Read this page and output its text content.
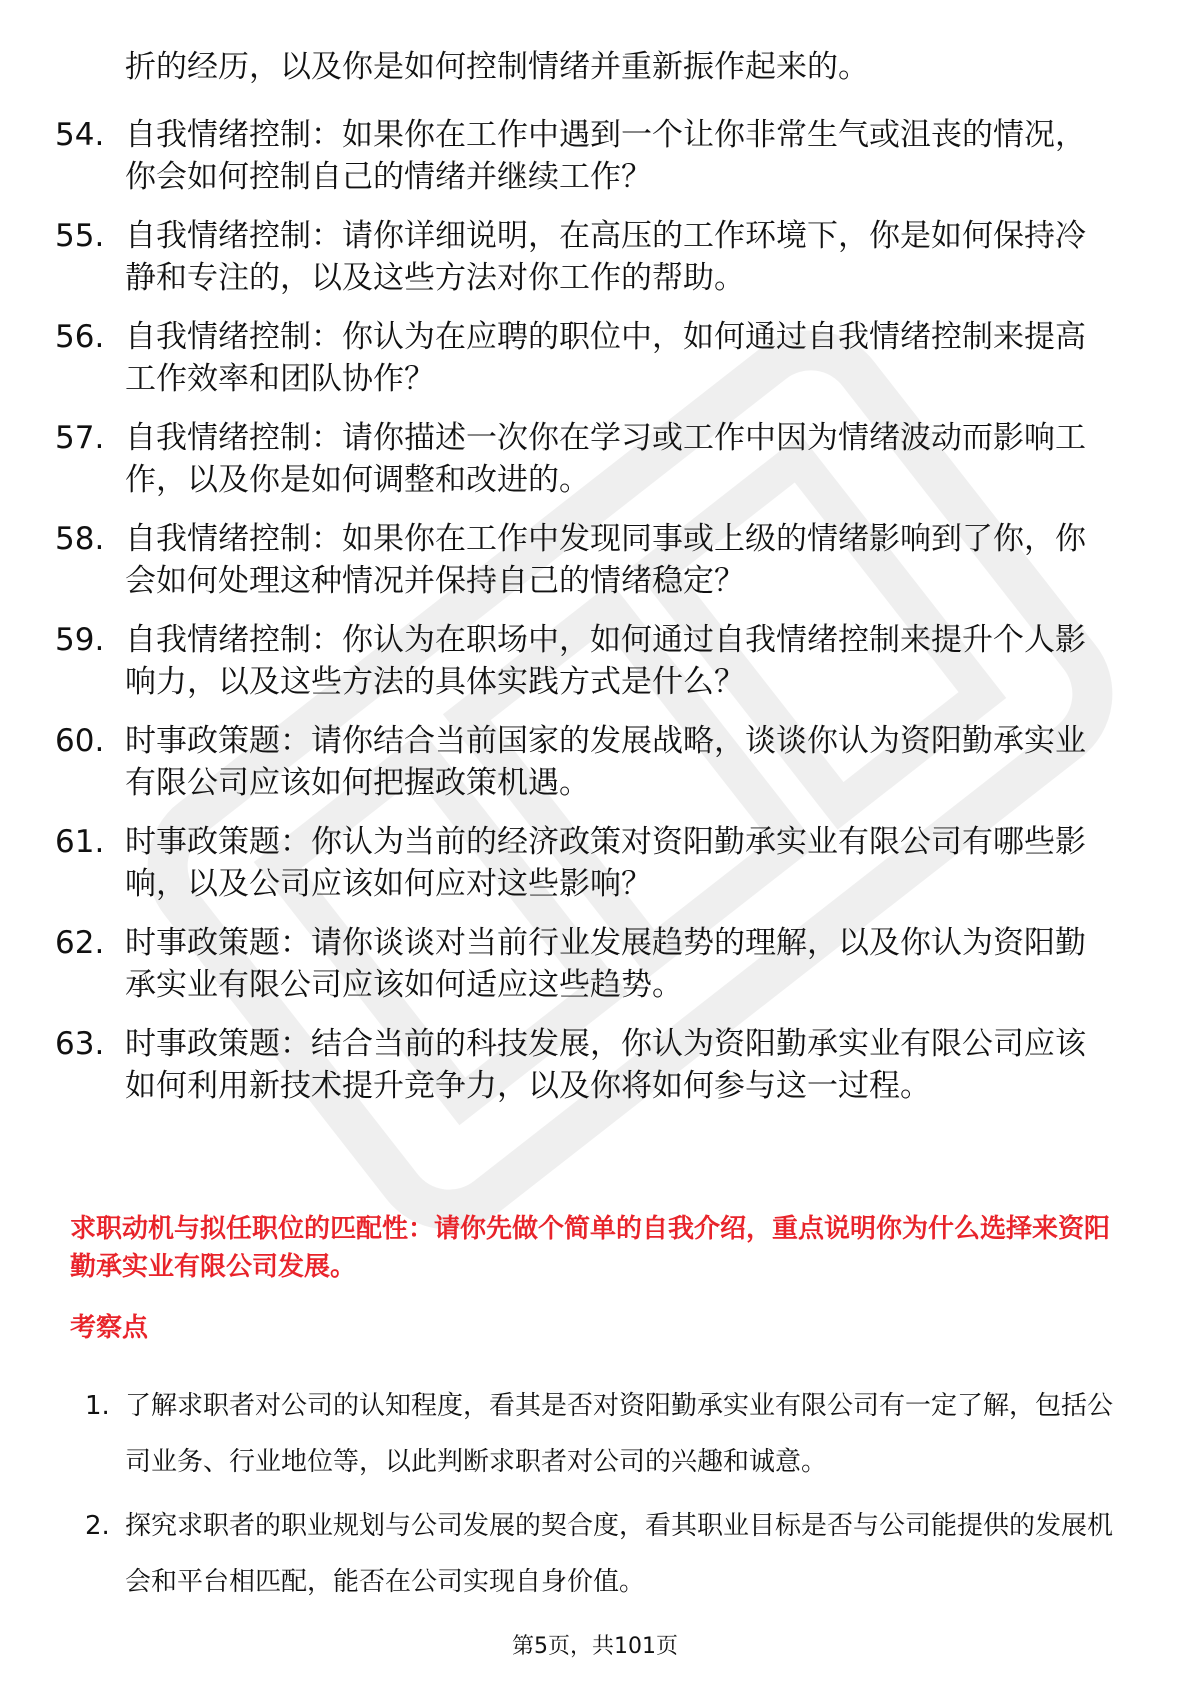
折的经历，以及你是如何控制情绪并重新振作起来的。
54. 自我情绪控制：如果你在工作中遇到一个让你非常生气或沮丧的情况，你会如何控制自己的情绪并继续工作？
55. 自我情绪控制：请你详细说明，在高压的工作环境下，你是如何保持冷静和专注的，以及这些方法对你工作的帮助。
56. 自我情绪控制：你认为在应聘的职位中，如何通过自我情绪控制来提高工作效率和团队协作？
57. 自我情绪控制：请你描述一次你在学习或工作中因为情绪波动而影响工作，以及你是如何调整和改进的。
58. 自我情绪控制：如果你在工作中发现同事或上级的情绪影响到了你，你会如何处理这种情况并保持自己的情绪稳定？
59. 自我情绪控制：你认为在职场中，如何通过自我情绪控制来提升个人影响力，以及这些方法的具体实践方式是什么？
60. 时事政策题：请你结合当前国家的发展战略，谈谈你认为资阳勤承实业有限公司应该如何把握政策机遇。
61. 时事政策题：你认为当前的经济政策对资阳勤承实业有限公司有哪些影响，以及公司应该如何应对这些影响？
62. 时事政策题：请你谈谈对当前行业发展趋势的理解，以及你认为资阳勤承实业有限公司应该如何适应这些趋势。
63. 时事政策题：结合当前的科技发展，你认为资阳勤承实业有限公司应该如何利用新技术提升竞争力，以及你将如何参与这一过程。
求职动机与拟任职位的匹配性：请你先做个简单的自我介绍，重点说明你为什么选择来资阳勤承实业有限公司发展。
考察点
1. 了解求职者对公司的认知程度，看其是否对资阳勤承实业有限公司有一定了解，包括公司业务、行业地位等，以此判断求职者对公司的兴趣和诚意。
2. 探究求职者的职业规划与公司发展的契合度，看其职业目标是否与公司能提供的发展机会和平台相匹配，能否在公司实现自身价值。
第5页，共101页
